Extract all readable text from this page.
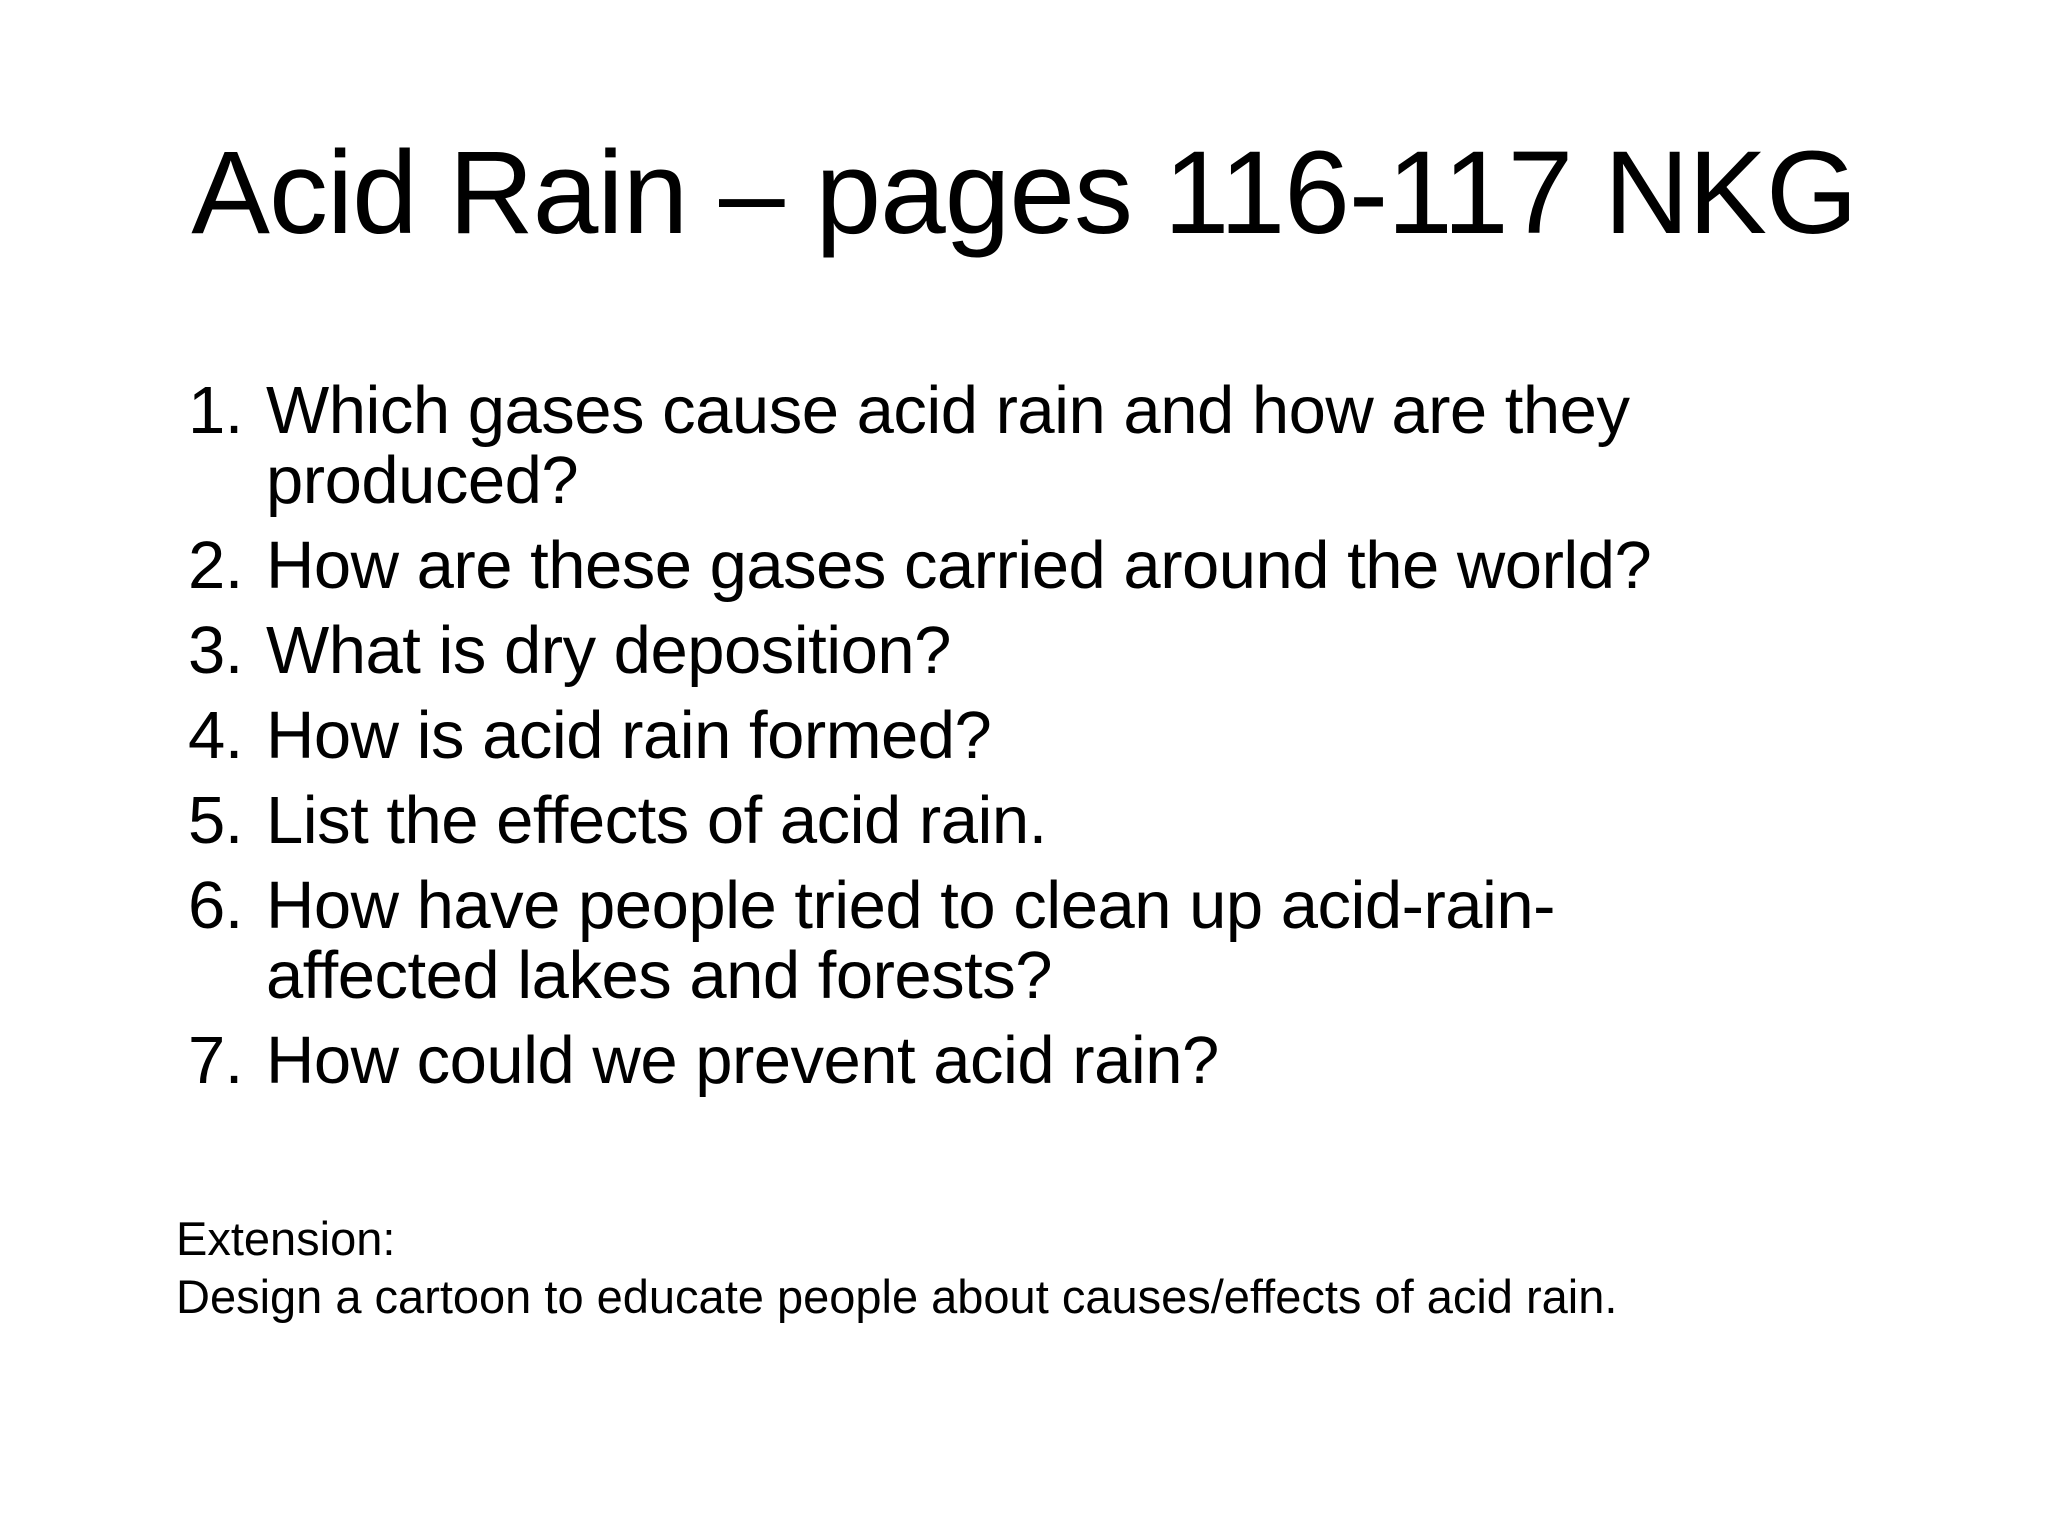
Acid Rain – pages 116-117 NKG
1. Which gases cause acid rain and how are they produced?
2. How are these gases carried around the world?
3. What is dry deposition?
4. How is acid rain formed?
5. List the effects of acid rain.
6. How have people tried to clean up acid-rain-affected lakes and forests?
7. How could we prevent acid rain?
Extension:
Design a cartoon to educate people about causes/effects of acid rain.
